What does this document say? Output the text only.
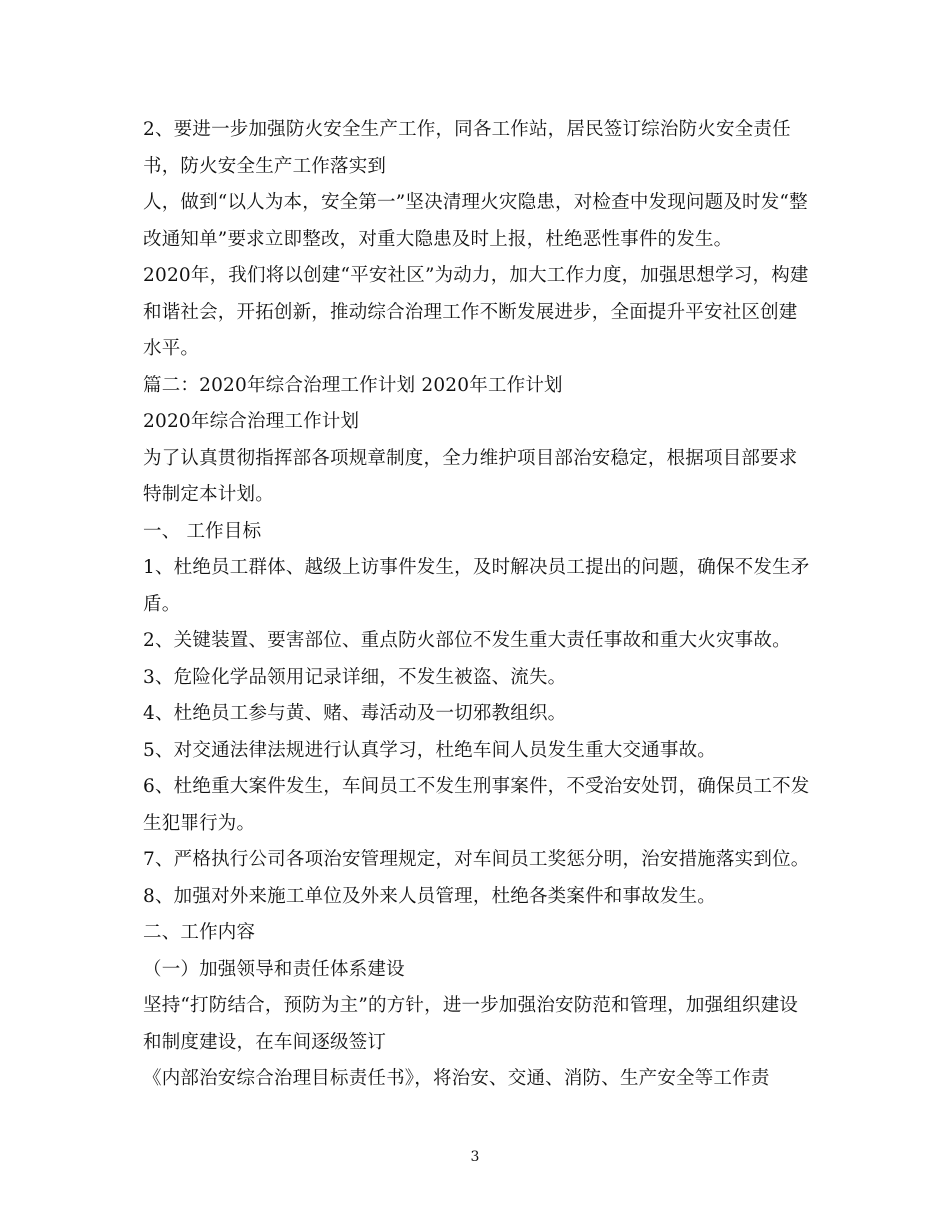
2、要进一步加强防火安全生产工作，同各工作站，居民签订综治防火安全责任
书，防火安全生产工作落实到
人，做到“以人为本，安全第一”坚决清理火灾隐患，对检查中发现问题及时发“整
改通知单”要求立即整改，对重大隐患及时上报，杜绝恶性事件的发生。
2020年，我们将以创建“平安社区”为动力，加大工作力度，加强思想学习，构建
和谐社会，开拓创新，推动综合治理工作不断发展进步，全面提升平安社区创建
水平。
篇二：2020年综合治理工作计划 2020年工作计划
2020年综合治理工作计划
为了认真贯彻指挥部各项规章制度，全力维护项目部治安稳定，根据项目部要求
特制定本计划。
一、 工作目标
1、杜绝员工群体、越级上访事件发生，及时解决员工提出的问题，确保不发生矛
盾。
2、关键装置、要害部位、重点防火部位不发生重大责任事故和重大火灾事故。
3、危险化学品领用记录详细，不发生被盗、流失。
4、杜绝员工参与黄、赌、毒活动及一切邪教组织。
5、对交通法律法规进行认真学习，杜绝车间人员发生重大交通事故。
6、杜绝重大案件发生，车间员工不发生刑事案件，不受治安处罚，确保员工不发
生犯罪行为。
7、严格执行公司各项治安管理规定，对车间员工奖惩分明，治安措施落实到位。
8、加强对外来施工单位及外来人员管理，杜绝各类案件和事故发生。
二、工作内容
（一）加强领导和责任体系建设
坚持“打防结合，预防为主”的方针，进一步加强治安防范和管理，加强组织建设
和制度建设，在车间逐级签订
《内部治安综合治理目标责任书》，将治安、交通、消防、生产安全等工作责
3
